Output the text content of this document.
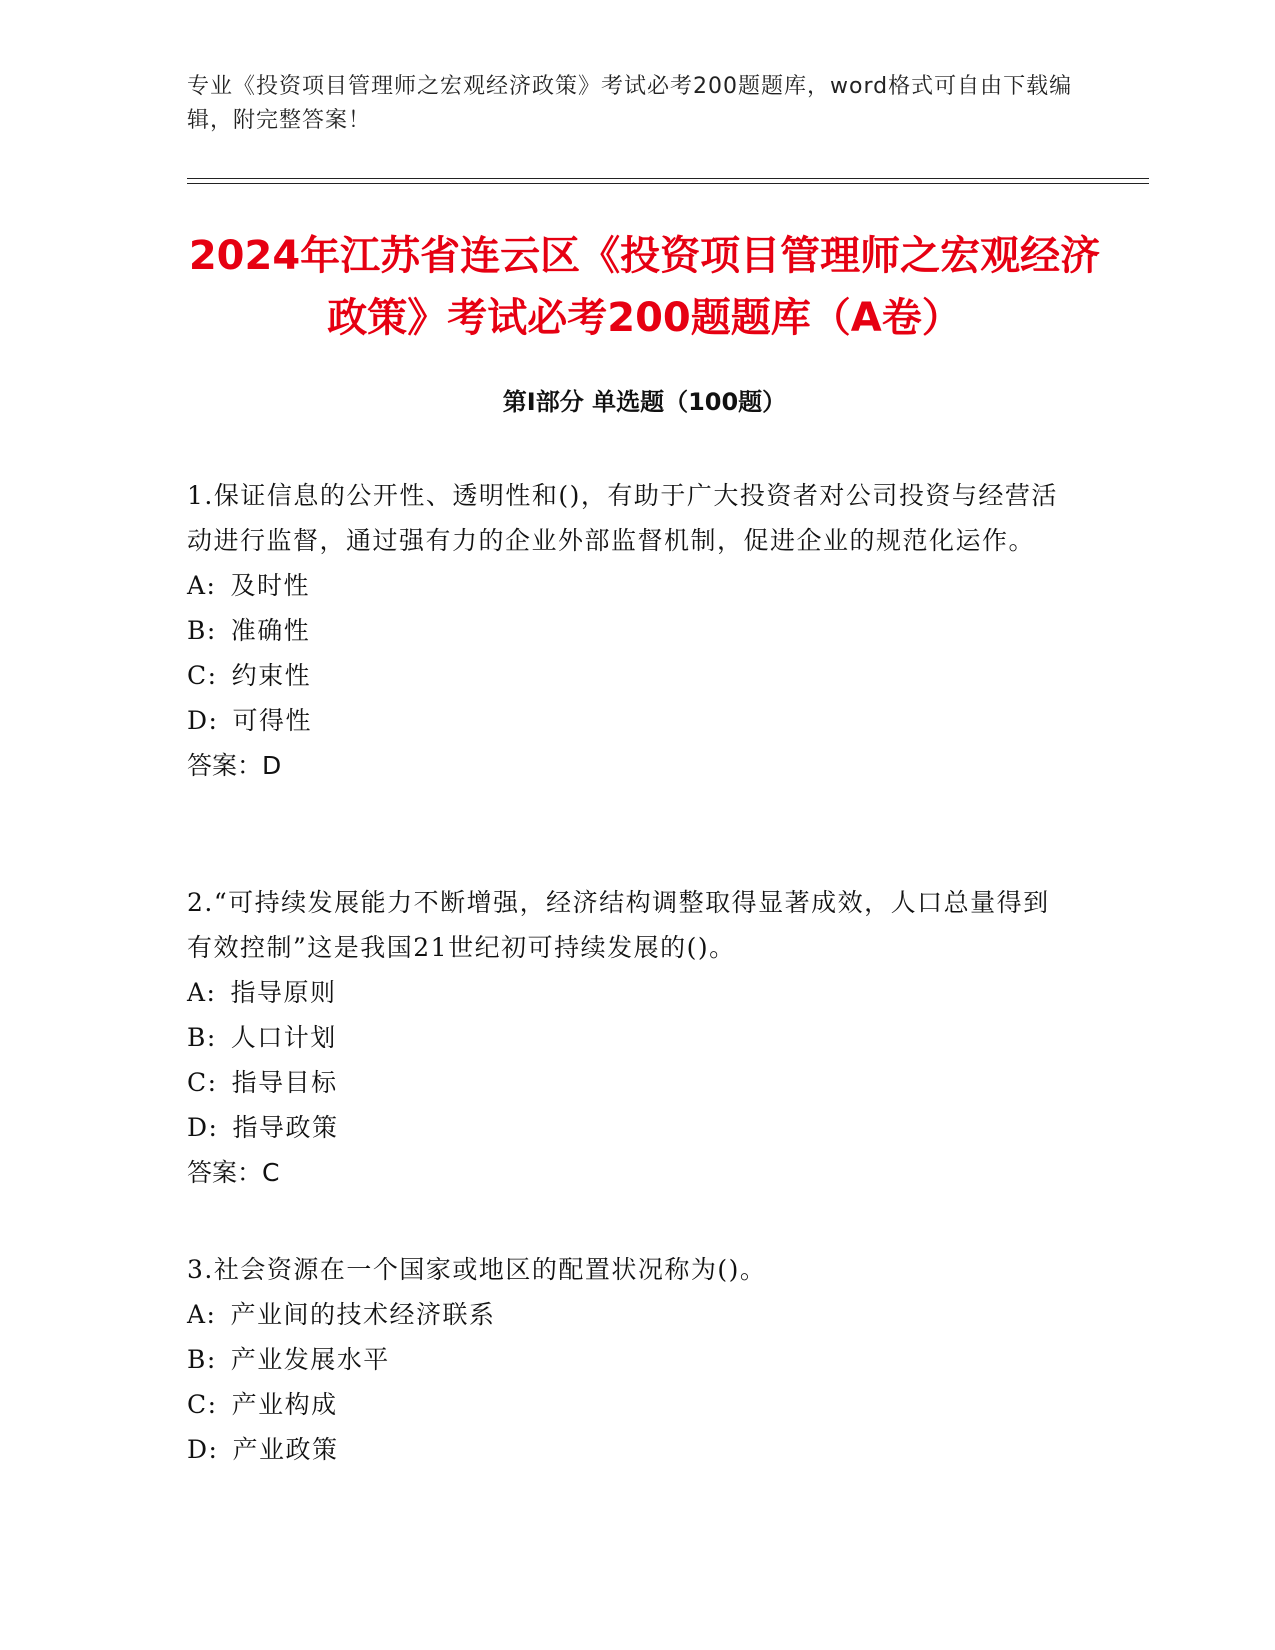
专业《投资项目管理师之宏观经济政策》考试必考200题题库，word格式可自由下载编辑，附完整答案！

2024年江苏省连云区《投资项目管理师之宏观经济政策》考试必考200题题库（A卷）
第I部分 单选题（100题）

1.保证信息的公开性、透明性和()，有助于广大投资者对公司投资与经营活动进行监督，通过强有力的企业外部监督机制，促进企业的规范化运作。

A: 及时性
B: 准确性
C: 约束性
D: 可得性

答案：D

2.“可持续发展能力不断增强，经济结构调整取得显著成效，人口总量得到有效控制”这是我国21世纪初可持续发展的()。

A: 指导原则
B: 人口计划
C: 指导目标
D: 指导政策

答案：C

3.社会资源在一个国家或地区的配置状况称为()。

A: 产业间的技术经济联系
B: 产业发展水平
C: 产业构成
D: 产业政策
